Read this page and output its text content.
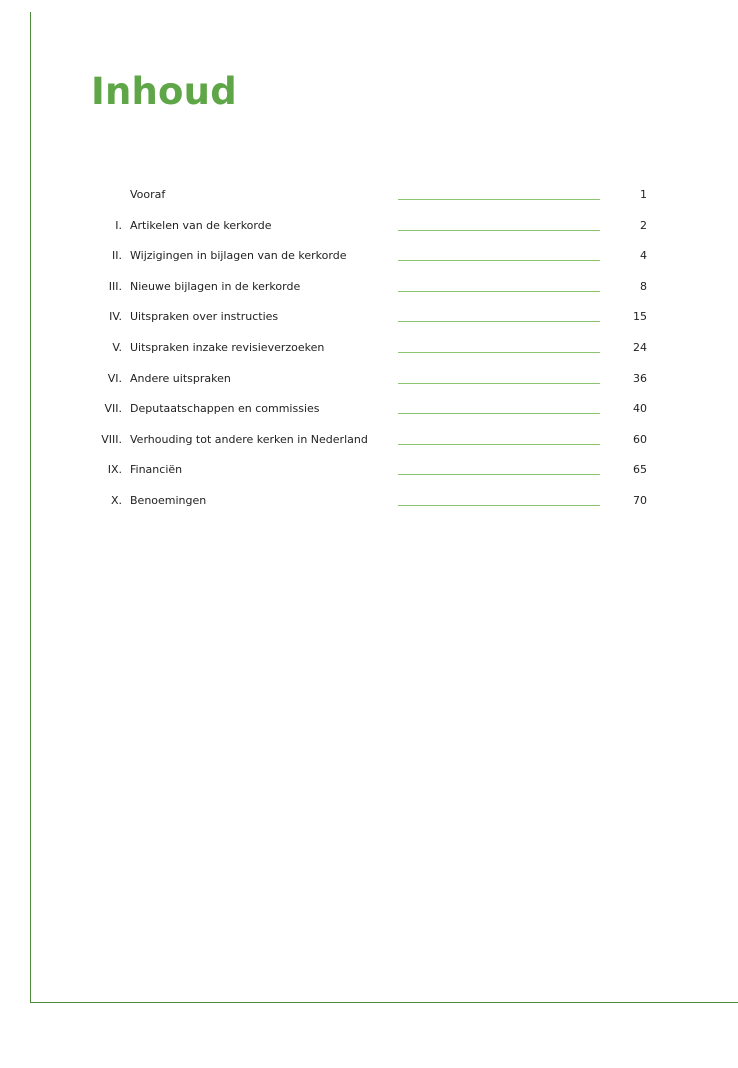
Inhoud
Vooraf	1
I. Artikelen van de kerkorde	2
II. Wijzigingen in bijlagen van de kerkorde	4
III. Nieuwe bijlagen in de kerkorde	8
IV. Uitspraken over instructies	15
V. Uitspraken inzake revisieverzoeken	24
VI. Andere uitspraken	36
VII. Deputaatschappen en commissies	40
VIII. Verhouding tot andere kerken in Nederland	60
IX. Financiën	65
X. Benoemingen	70
